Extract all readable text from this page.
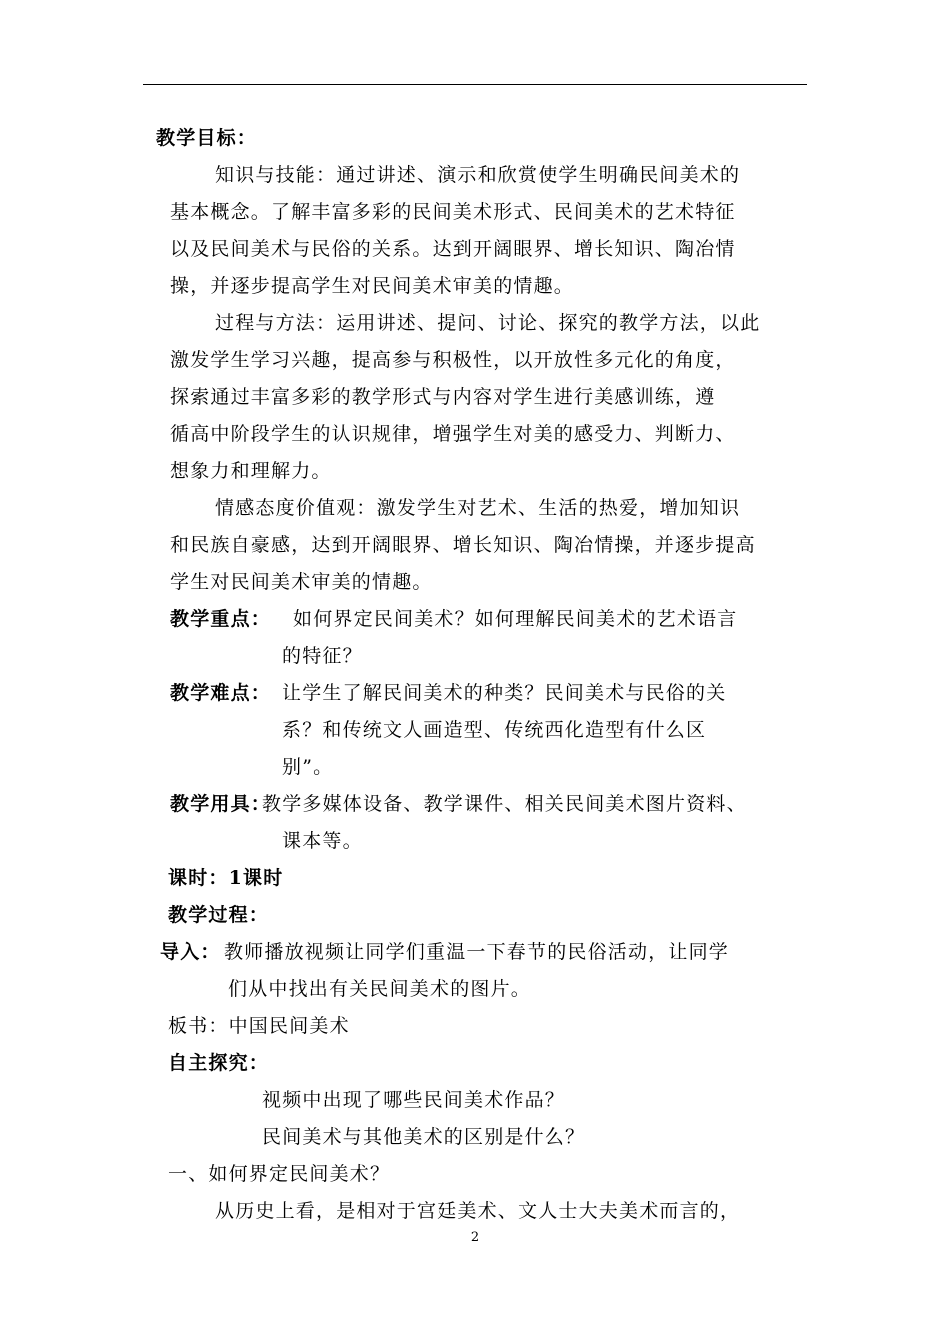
教学目标：
知识与技能：通过讲述、演示和欣赏使学生明确民间美术的
基本概念。了解丰富多彩的民间美术形式、民间美术的艺术特征
以及民间美术与民俗的关系。达到开阔眼界、增长知识、陶冶情
操，并逐步提高学生对民间美术审美的情趣。
过程与方法：运用讲述、提问、讨论、探究的教学方法，以此
激发学生学习兴趣，提高参与积极性，以开放性多元化的角度，
探索通过丰富多彩的教学形式与内容对学生进行美感训练，遵
循高中阶段学生的认识规律，增强学生对美的感受力、判断力、
想象力和理解力。
情感态度价值观：激发学生对艺术、生活的热爱，增加知识
和民族自豪感，达到开阔眼界、增长知识、陶冶情操，并逐步提高
学生对民间美术审美的情趣。
教学重点： 如何界定民间美术？如何理解民间美术的艺术语言
的特征？
教学难点： 让学生了解民间美术的种类？民间美术与民俗的关
系？和传统文人画造型、传统西化造型有什么区
别”。
教学用具：
教学多媒体设备、教学课件、相关民间美术图片资料、
课本等。
课时：1课时
教学过程：
导入： 教师播放视频让同学们重温一下春节的民俗活动，让同学
们从中找出有关民间美术的图片。
板书：中国民间美术
自主探究：
视频中出现了哪些民间美术作品？
民间美术与其他美术的区别是什么？
一、如何界定民间美术？
从历史上看，是相对于宫廷美术、文人士大夫美术而言的，
2
